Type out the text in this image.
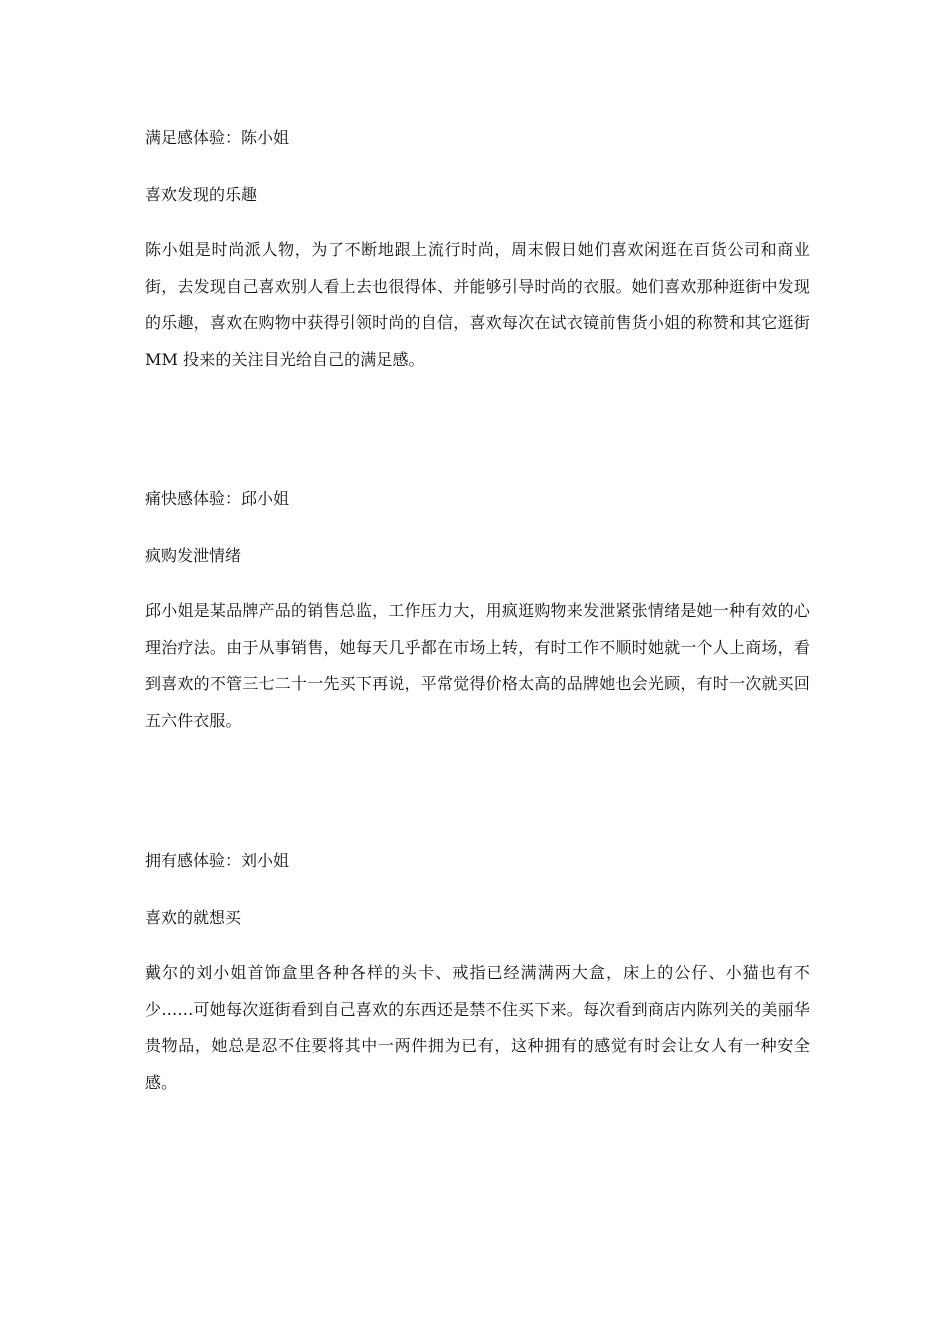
满足感体验：陈小姐

喜欢发现的乐趣

陈小姐是时尚派人物，为了不断地跟上流行时尚，周末假日她们喜欢闲逛在百货公司和商业街，去发现自己喜欢别人看上去也很得体、并能够引导时尚的衣服。她们喜欢那种逛街中发现的乐趣，喜欢在购物中获得引领时尚的自信，喜欢每次在试衣镜前售货小姐的称赞和其它逛街 MM 投来的关注目光给自己的满足感。

痛快感体验：邱小姐

疯购发泄情绪

邱小姐是某品牌产品的销售总监，工作压力大，用疯逛购物来发泄紧张情绪是她一种有效的心理治疗法。由于从事销售，她每天几乎都在市场上转，有时工作不顺时她就一个人上商场，看到喜欢的不管三七二十一先买下再说，平常觉得价格太高的品牌她也会光顾，有时一次就买回五六件衣服。

拥有感体验：刘小姐

喜欢的就想买

戴尔的刘小姐首饰盒里各种各样的头卡、戒指已经满满两大盒，床上的公仔、小猫也有不少……可她每次逛街看到自己喜欢的东西还是禁不住买下来。每次看到商店内陈列关的美丽华贵物品，她总是忍不住要将其中一两件拥为已有，这种拥有的感觉有时会让女人有一种安全感。
